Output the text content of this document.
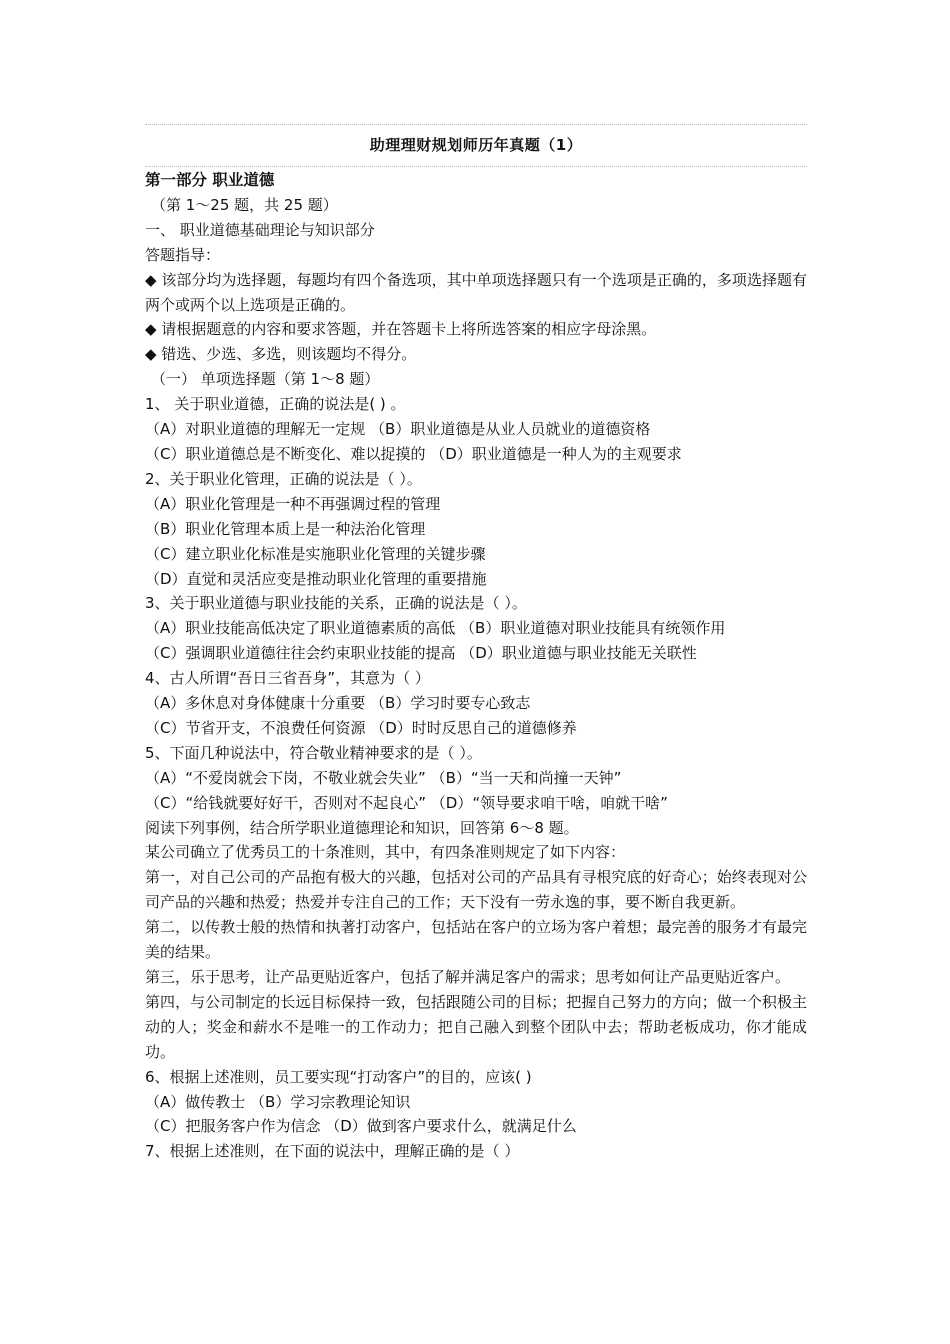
助理理财规划师历年真题（1）

第一部分 职业道德

（第 1～25 题，共 25 题）

一、 职业道德基础理论与知识部分

答题指导：

◆ 该部分均为选择题，每题均有四个备选项，其中单项选择题只有一个选项是正确的，多项选择题有两个或两个以上选项是正确的。

◆ 请根据题意的内容和要求答题，并在答题卡上将所选答案的相应字母涂黑。

◆ 错选、少选、多选，则该题均不得分。

（一） 单项选择题（第 1～8 题）

1、 关于职业道德，正确的说法是( ) 。

（A）对职业道德的理解无一定规 （B）职业道德是从业人员就业的道德资格

（C）职业道德总是不断变化、难以捉摸的 （D）职业道德是一种人为的主观要求

2、关于职业化管理，正确的说法是（ ）。

（A）职业化管理是一种不再强调过程的管理

（B）职业化管理本质上是一种法治化管理

（C）建立职业化标准是实施职业化管理的关键步骤

（D）直觉和灵活应变是推动职业化管理的重要措施

3、关于职业道德与职业技能的关系，正确的说法是（ ）。

（A）职业技能高低决定了职业道德素质的高低 （B）职业道德对职业技能具有统领作用

（C）强调职业道德往往会约束职业技能的提高 （D）职业道德与职业技能无关联性

4、古人所谓“吾日三省吾身”，其意为（ ）

（A）多休息对身体健康十分重要 （B）学习时要专心致志

（C）节省开支，不浪费任何资源 （D）时时反思自己的道德修养

5、下面几种说法中，符合敬业精神要求的是（ ）。

（A）“不爱岗就会下岗，不敬业就会失业” （B）“当一天和尚撞一天钟”

（C）“给钱就要好好干，否则对不起良心” （D）“领导要求咱干啥，咱就干啥”

阅读下列事例，结合所学职业道德理论和知识，回答第 6～8 题。

某公司确立了优秀员工的十条准则，其中，有四条准则规定了如下内容：

第一，对自己公司的产品抱有极大的兴趣，包括对公司的产品具有寻根究底的好奇心；始终表现对公司产品的兴趣和热爱；热爱并专注自己的工作；天下没有一劳永逸的事，要不断自我更新。

第二，以传教士般的热情和执著打动客户，包括站在客户的立场为客户着想；最完善的服务才有最完美的结果。

第三，乐于思考，让产品更贴近客户，包括了解并满足客户的需求；思考如何让产品更贴近客户。

第四，与公司制定的长远目标保持一致，包括跟随公司的目标；把握自己努力的方向；做一个积极主动的人；奖金和薪水不是唯一的工作动力；把自己融入到整个团队中去；帮助老板成功，你才能成功。

6、根据上述准则，员工要实现“打动客户”的目的，应该( )

（A）做传教士 （B）学习宗教理论知识

（C）把服务客户作为信念 （D）做到客户要求什么，就满足什么

7、根据上述准则，在下面的说法中，理解正确的是（ ）
